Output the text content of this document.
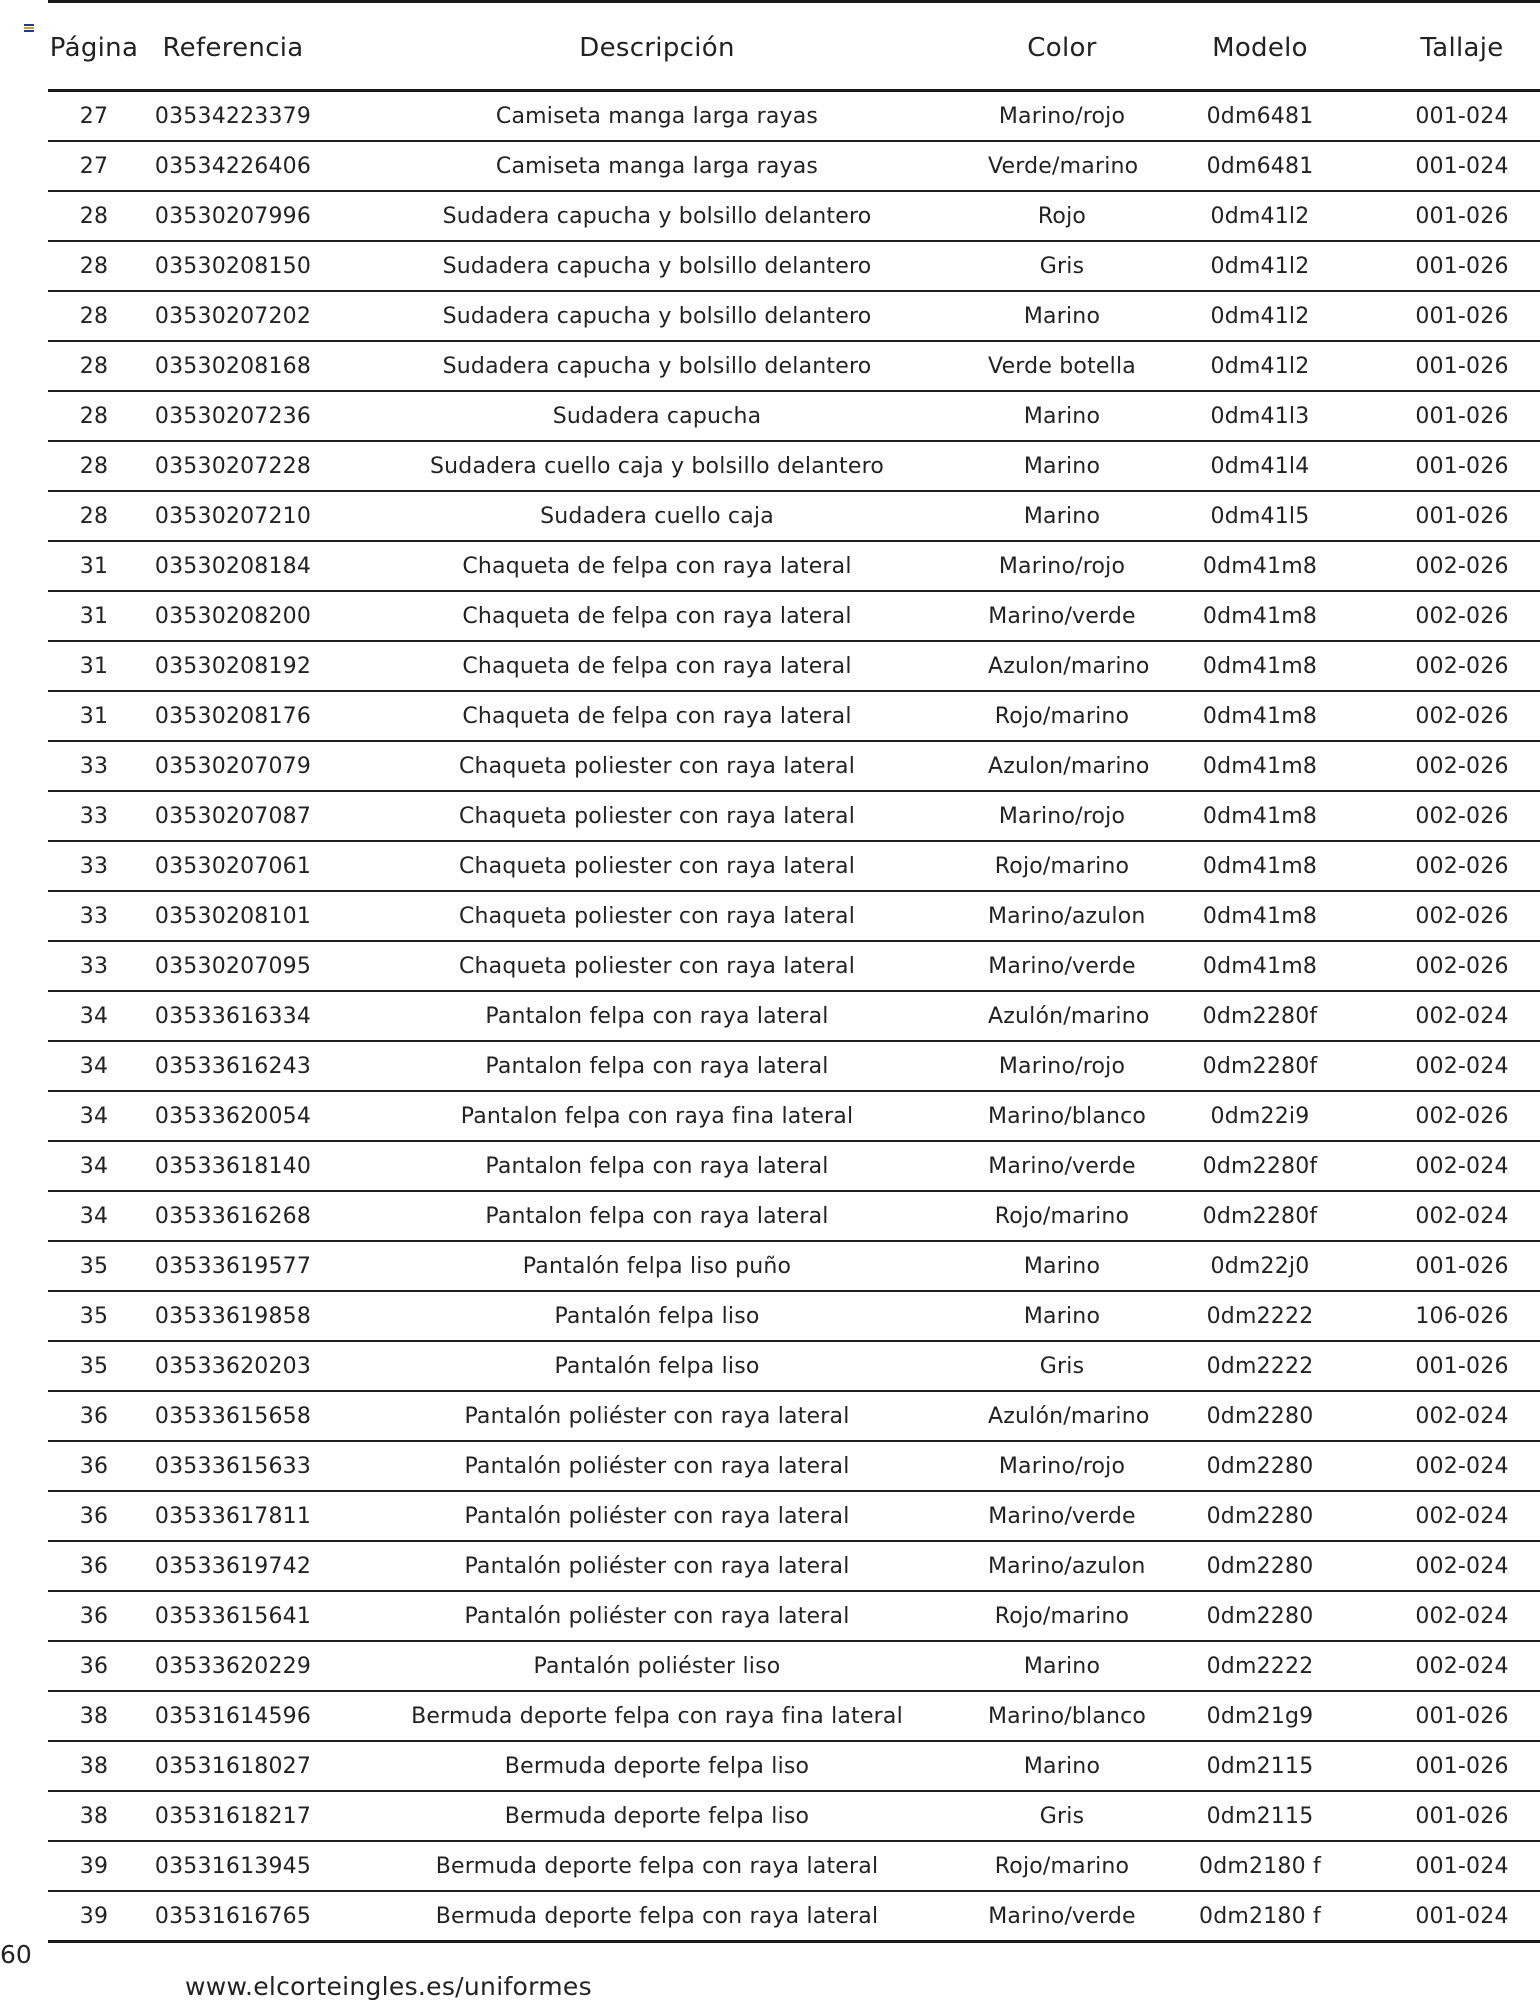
Página	Referencia	Descripción	Color	Modelo	Tallaje
27	03534223379	Camiseta manga larga rayas	Marino/rojo	0dm6481	001-024
27	03534226406	Camiseta manga larga rayas	Verde/marino	0dm6481	001-024
28	03530207996	Sudadera capucha y bolsillo delantero	Rojo	0dm41l2	001-026
28	03530208150	Sudadera capucha y bolsillo delantero	Gris	0dm41l2	001-026
28	03530207202	Sudadera capucha y bolsillo delantero	Marino	0dm41l2	001-026
28	03530208168	Sudadera capucha y bolsillo delantero	Verde botella	0dm41l2	001-026
28	03530207236	Sudadera capucha	Marino	0dm41l3	001-026
28	03530207228	Sudadera cuello caja y bolsillo delantero	Marino	0dm41l4	001-026
28	03530207210	Sudadera cuello caja	Marino	0dm41l5	001-026
31	03530208184	Chaqueta de felpa con raya lateral	Marino/rojo	0dm41m8	002-026
31	03530208200	Chaqueta de felpa con raya lateral	Marino/verde	0dm41m8	002-026
31	03530208192	Chaqueta de felpa con raya lateral	Azulon/marino	0dm41m8	002-026
31	03530208176	Chaqueta de felpa con raya lateral	Rojo/marino	0dm41m8	002-026
33	03530207079	Chaqueta poliester con raya lateral	Azulon/marino	0dm41m8	002-026
33	03530207087	Chaqueta poliester con raya lateral	Marino/rojo	0dm41m8	002-026
33	03530207061	Chaqueta poliester con raya lateral	Rojo/marino	0dm41m8	002-026
33	03530208101	Chaqueta poliester con raya lateral	Marino/azulon	0dm41m8	002-026
33	03530207095	Chaqueta poliester con raya lateral	Marino/verde	0dm41m8	002-026
34	03533616334	Pantalon felpa con raya lateral	Azulón/marino	0dm2280f	002-024
34	03533616243	Pantalon felpa con raya lateral	Marino/rojo	0dm2280f	002-024
34	03533620054	Pantalon felpa con raya fina lateral	Marino/blanco	0dm22i9	002-026
34	03533618140	Pantalon felpa con raya lateral	Marino/verde	0dm2280f	002-024
34	03533616268	Pantalon felpa con raya lateral	Rojo/marino	0dm2280f	002-024
35	03533619577	Pantalón felpa liso puño	Marino	0dm22j0	001-026
35	03533619858	Pantalón felpa liso	Marino	0dm2222	106-026
35	03533620203	Pantalón felpa liso	Gris	0dm2222	001-026
36	03533615658	Pantalón poliéster con raya lateral	Azulón/marino	0dm2280	002-024
36	03533615633	Pantalón poliéster con raya lateral	Marino/rojo	0dm2280	002-024
36	03533617811	Pantalón poliéster con raya lateral	Marino/verde	0dm2280	002-024
36	03533619742	Pantalón poliéster con raya lateral	Marino/azulon	0dm2280	002-024
36	03533615641	Pantalón poliéster con raya lateral	Rojo/marino	0dm2280	002-024
36	03533620229	Pantalón poliéster liso	Marino	0dm2222	002-024
38	03531614596	Bermuda deporte felpa con raya fina lateral	Marino/blanco	0dm21g9	001-026
38	03531618027	Bermuda deporte felpa liso	Marino	0dm2115	001-026
38	03531618217	Bermuda deporte felpa liso	Gris	0dm2115	001-026
39	03531613945	Bermuda deporte felpa con raya lateral	Rojo/marino	0dm2180 f	001-024
39	03531616765	Bermuda deporte felpa con raya lateral	Marino/verde	0dm2180 f	001-024
60
www.elcorteingles.es/uniformes
